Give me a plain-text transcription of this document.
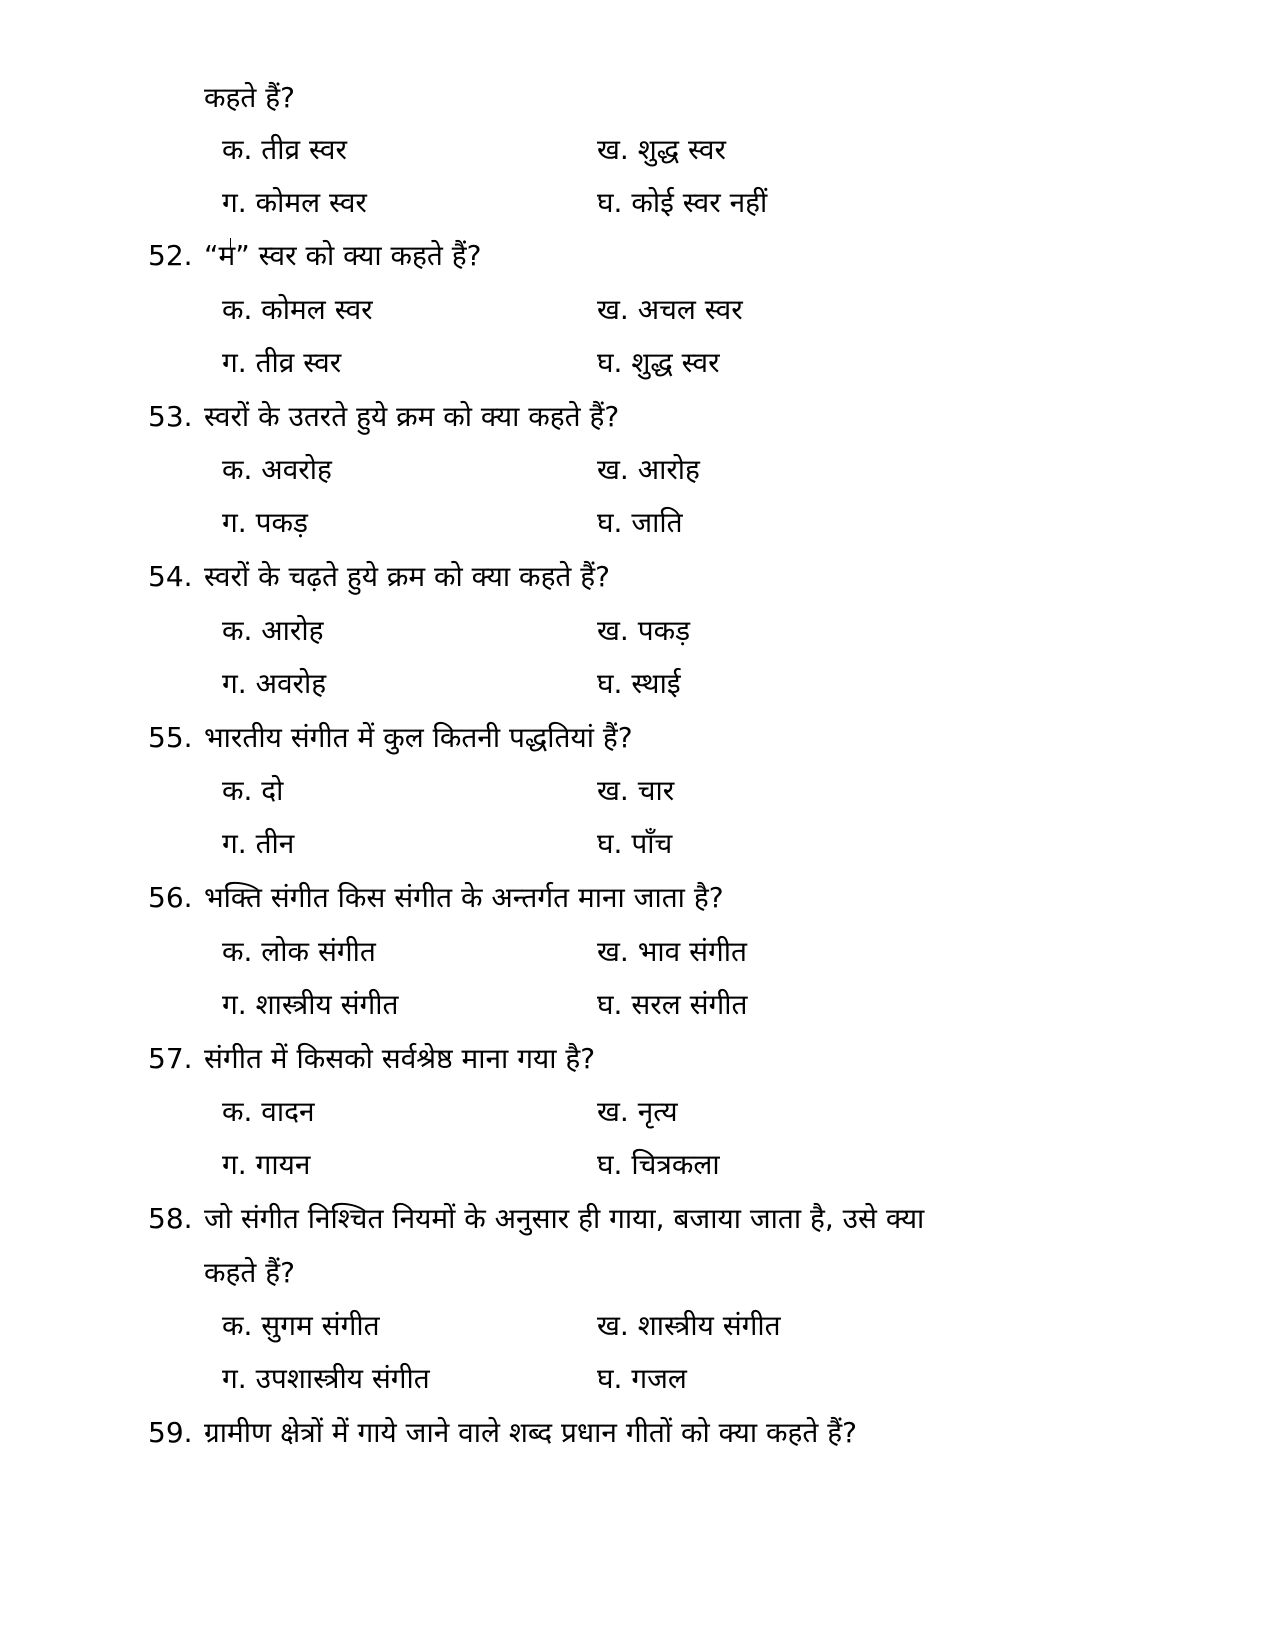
कहते हैं?
क. तीव्र स्वर	ख. शुद्ध स्वर
ग. कोमल स्वर	घ. कोई स्वर नहीं
52. “म” स्वर को क्या कहते हैं?
क. कोमल स्वर	ख. अचल स्वर
ग. तीव्र स्वर	घ. शुद्ध स्वर
53. स्वरों के उतरते हुये क्रम को क्या कहते हैं?
क. अवरोह	ख. आरोह
ग. पकड़	घ. जाति
54. स्वरों के चढ़ते हुये क्रम को क्या कहते हैं?
क. आरोह	ख. पकड़
ग. अवरोह	घ. स्थाई
55. भारतीय संगीत में कुल कितनी पद्धतियां हैं?
क. दो	ख. चार
ग. तीन	घ. पाँच
56. भक्ति संगीत किस संगीत के अन्तर्गत माना जाता है?
क. लोक संगीत	ख. भाव संगीत
ग. शास्त्रीय संगीत	घ. सरल संगीत
57. संगीत में किसको सर्वश्रेष्ठ माना गया है?
क. वादन	ख. नृत्य
ग. गायन	घ. चित्रकला
58. जो संगीत निश्चित नियमों के अनुसार ही गाया, बजाया जाता है, उसे क्या
कहते हैं?
क. सुगम संगीत	ख. शास्त्रीय संगीत
ग. उपशास्त्रीय संगीत	घ. गजल
59. ग्रामीण क्षेत्रों में गाये जाने वाले शब्द प्रधान गीतों को क्या कहते हैं?
